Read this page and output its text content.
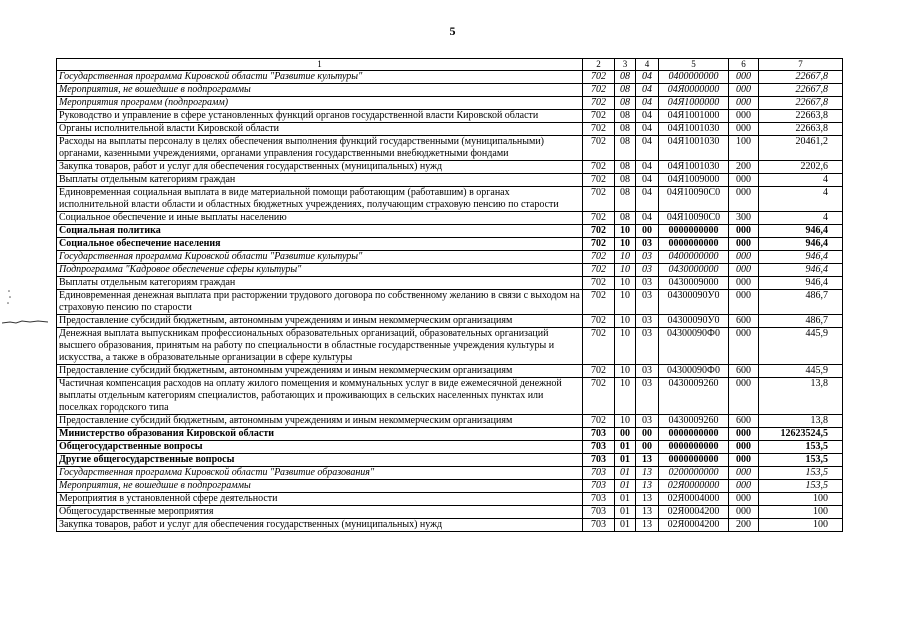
5
1	2	3	4	5	6	7
Государственная программа Кировской области "Развитие культуры"	702	08	04	0400000000	000	22667,8
Мероприятия, не вошедшие в подпрограммы	702	08	04	04Я0000000	000	22667,8
Мероприятия программ (подпрограмм)	702	08	04	04Я1000000	000	22667,8
Руководство и управление в сфере установленных функций органов государственной власти Кировской области	702	08	04	04Я1001000	000	22663,8
Органы исполнительной власти Кировской области	702	08	04	04Я1001030	000	22663,8
Расходы на выплаты персоналу в целях обеспечения выполнения функций государственными (муниципальными) органами, казенными учреждениями, органами управления государственными внебюджетными фондами	702	08	04	04Я1001030	100	20461,2
Закупка товаров, работ и услуг для обеспечения государственных (муниципальных) нужд	702	08	04	04Я1001030	200	2202,6
Выплаты отдельным категориям граждан	702	08	04	04Я1009000	000	4
Единовременная социальная выплата в виде материальной помощи работающим (работавшим) в органах исполнительной власти области и областных бюджетных учреждениях, получающим страховую пенсию по старости	702	08	04	04Я10090С0	000	4
Социальное обеспечение и иные выплаты населению	702	08	04	04Я10090С0	300	4
Социальная политика	702	10	00	0000000000	000	946,4
Социальное обеспечение населения	702	10	03	0000000000	000	946,4
Государственная программа Кировской области "Развитие культуры"	702	10	03	0400000000	000	946,4
Подпрограмма "Кадровое обеспечение сферы культуры"	702	10	03	0430000000	000	946,4
Выплаты отдельным категориям граждан	702	10	03	0430009000	000	946,4
Единовременная денежная выплата при расторжении трудового договора по собственному желанию в связи с выходом на страховую пенсию по старости	702	10	03	04300090У0	000	486,7
Предоставление субсидий бюджетным, автономным учреждениям и иным некоммерческим организациям	702	10	03	04300090У0	600	486,7
Денежная выплата выпускникам профессиональных образовательных организаций, образовательных организаций высшего образования, принятым на работу по специальности в областные государственные учреждения культуры и искусства, а также в образовательные организации в сфере культуры	702	10	03	04300090Ф0	000	445,9
Предоставление субсидий бюджетным, автономным учреждениям и иным некоммерческим организациям	702	10	03	04300090Ф0	600	445,9
Частичная компенсация расходов на оплату жилого помещения и коммунальных услуг в виде ежемесячной денежной выплаты отдельным категориям специалистов, работающих и проживающих в сельских населенных пунктах или поселках городского типа	702	10	03	0430009260	000	13,8
Предоставление субсидий бюджетным, автономным учреждениям и иным некоммерческим организациям	702	10	03	0430009260	600	13,8
Министерство образования Кировской области	703	00	00	0000000000	000	12623524,5
Общегосударственные вопросы	703	01	00	0000000000	000	153,5
Другие общегосударственные вопросы	703	01	13	0000000000	000	153,5
Государственная программа Кировской области "Развитие образования"	703	01	13	0200000000	000	153,5
Мероприятия, не вошедшие в подпрограммы	703	01	13	02Я0000000	000	153,5
Мероприятия в установленной сфере деятельности	703	01	13	02Я0004000	000	100
Общегосударственные мероприятия	703	01	13	02Я0004200	000	100
Закупка товаров, работ и услуг для обеспечения государственных (муниципальных) нужд	703	01	13	02Я0004200	200	100
